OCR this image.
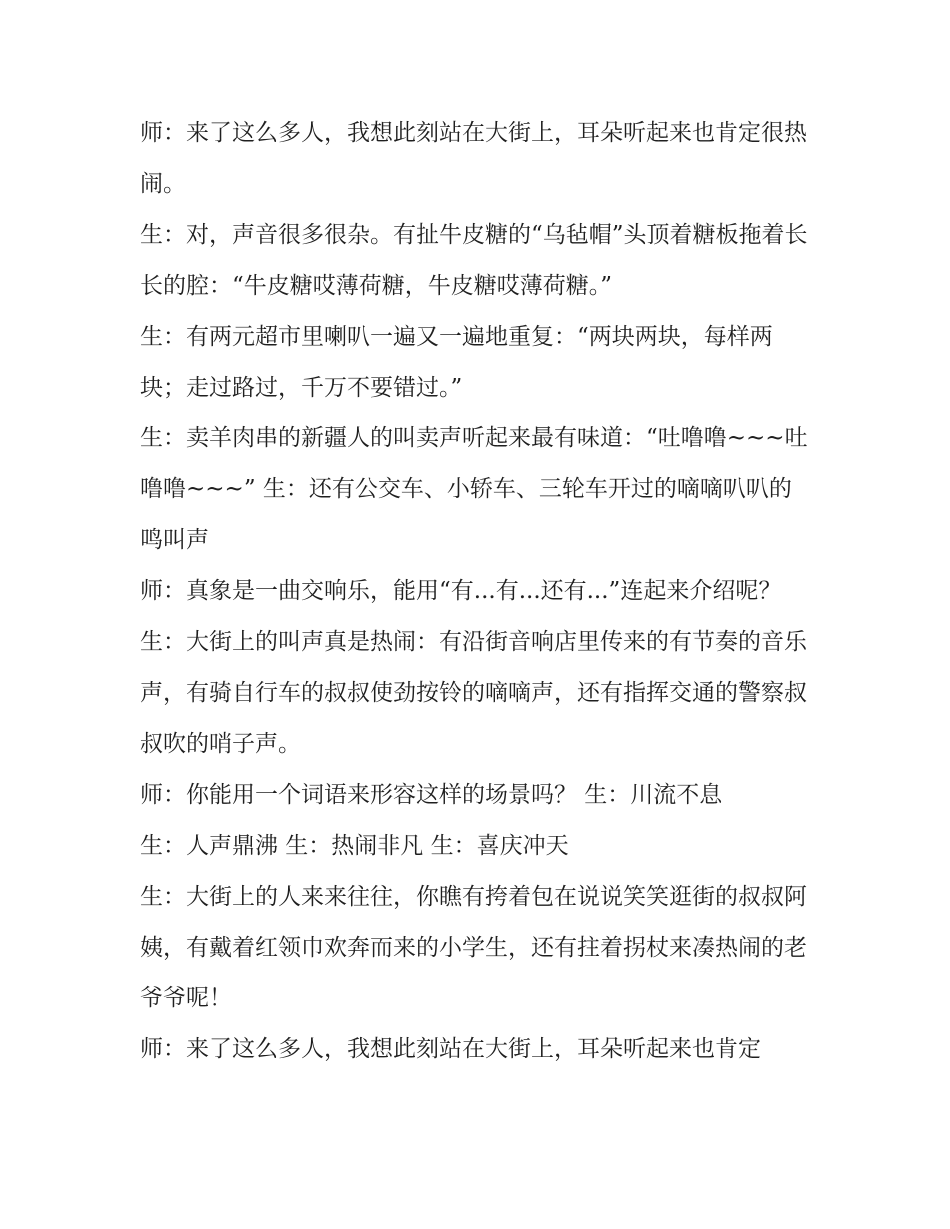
师：来了这么多人，我想此刻站在大街上，耳朵听起来也肯定很热闹。

生：对，声音很多很杂。有扯牛皮糖的“乌毡帽”头顶着糖板拖着长长的腔：“牛皮糖哎薄荷糖，牛皮糖哎薄荷糖。”

生：有两元超市里喇叭一遍又一遍地重复：“两块两块，每样两块；走过路过，千万不要错过。”

生：卖羊肉串的新疆人的叫卖声听起来最有味道：“吐噜噜~~~吐噜噜~~~” 生：还有公交车、小轿车、三轮车开过的嘀嘀叭叭的鸣叫声

师：真象是一曲交响乐，能用“有...有...还有...”连起来介绍呢？

生：大街上的叫声真是热闹：有沿街音响店里传来的有节奏的音乐声，有骑自行车的叔叔使劲按铃的嘀嘀声，还有指挥交通的警察叔叔吹的哨子声。

师：你能用一个词语来形容这样的场景吗？ 生：川流不息

生：人声鼎沸 生：热闹非凡 生：喜庆冲天

生：大街上的人来来往往，你瞧有挎着包在说说笑笑逛街的叔叔阿姨，有戴着红领巾欢奔而来的小学生，还有拄着拐杖来凑热闹的老爷爷呢！

师：来了这么多人，我想此刻站在大街上，耳朵听起来也肯定
